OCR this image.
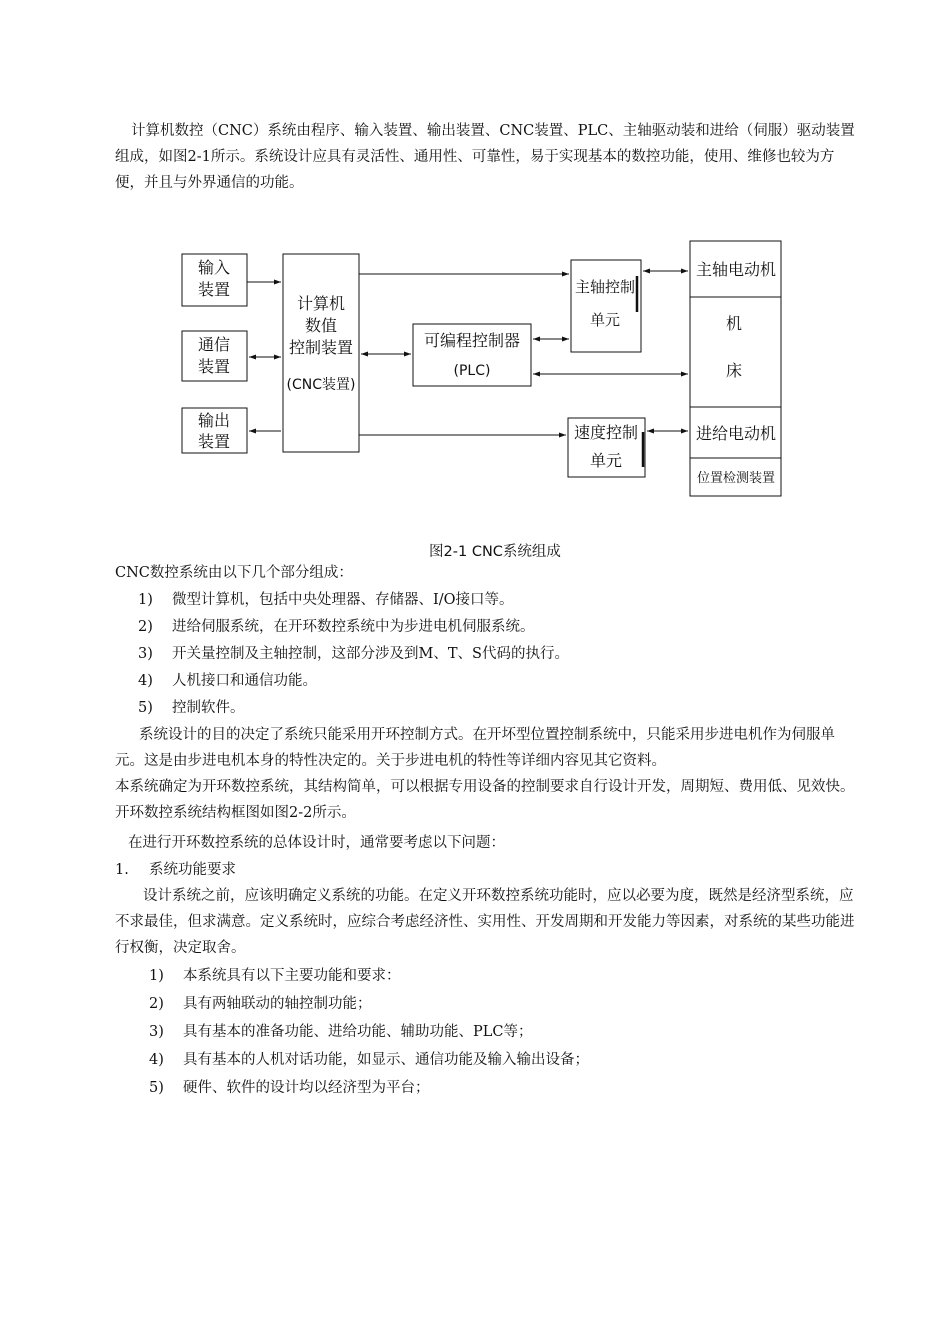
计算机数控（CNC）系统由程序、输入装置、输出装置、CNC装置、PLC、主轴驱动装和进给（伺服）驱动装置组成，如图2-1所示。系统设计应具有灵活性、通用性、可靠性，易于实现基本的数控功能，使用、维修也较为方便，并且与外界通信的功能。

输入
装置
通信
装置
输出
装置
计算机
数值
控制装置
(CNC装置)
可编程控制器
(PLC)
主轴控制
单元
速度控制
单元
主轴电动机
机
床
进给电动机
位置检测装置
图2-1 CNC系统组成

CNC数控系统由以下几个部分组成：

1) 微型计算机，包括中央处理器、存储器、I/O接口等。

2) 进给伺服系统，在开环数控系统中为步进电机伺服系统。

3) 开关量控制及主轴控制，这部分涉及到M、T、S代码的执行。

4) 人机接口和通信功能。

5) 控制软件。

系统设计的目的决定了系统只能采用开环控制方式。在开坏型位置控制系统中，只能采用步进电机作为伺服单元。这是由步进电机本身的特性决定的。关于步进电机的特性等详细内容见其它资料。

本系统确定为开环数控系统，其结构简单，可以根据专用设备的控制要求自行设计开发，周期短、费用低、见效快。开环数控系统结构框图如图2-2所示。

在进行开环数控系统的总体设计时，通常要考虑以下问题：

1. 系统功能要求

设计系统之前，应该明确定义系统的功能。在定义开环数控系统功能时，应以必要为度，既然是经济型系统，应不求最佳，但求满意。定义系统时，应综合考虑经济性、实用性、开发周期和开发能力等因素，对系统的某些功能进行权衡，决定取舍。

1) 本系统具有以下主要功能和要求：

2) 具有两轴联动的轴控制功能；

3) 具有基本的准备功能、进给功能、辅助功能、PLC等；

4) 具有基本的人机对话功能，如显示、通信功能及输入输出设备；

5) 硬件、软件的设计均以经济型为平台；
